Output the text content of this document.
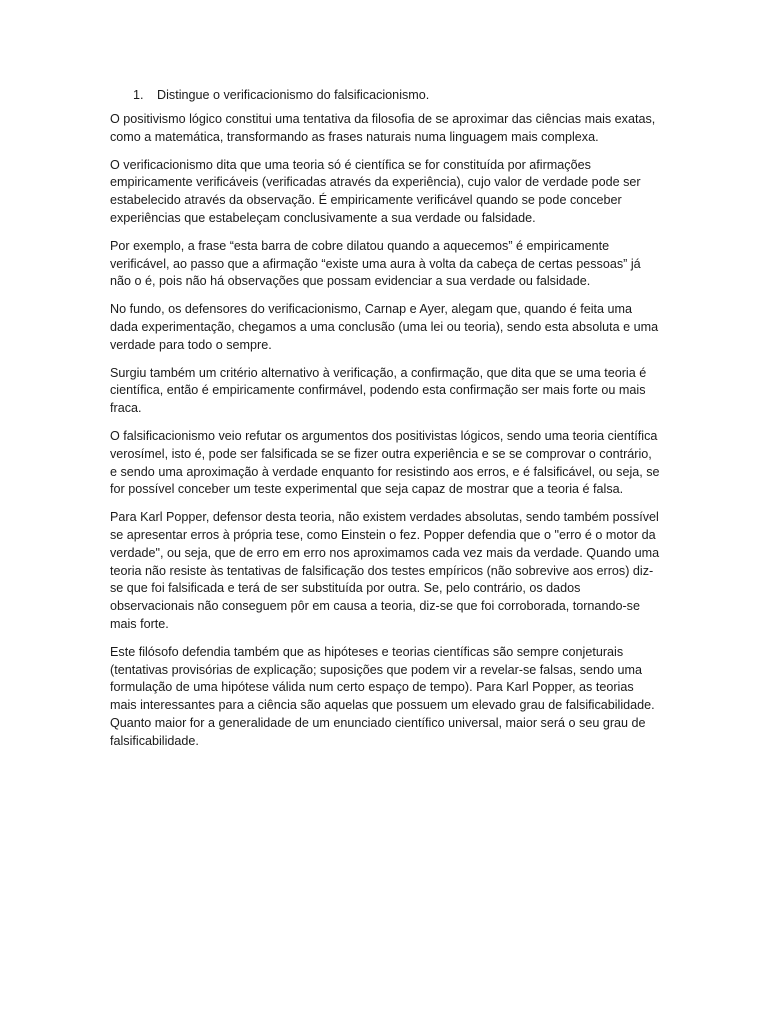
1.	Distingue o verificacionismo do falsificacionismo.

O positivismo lógico constitui uma tentativa da filosofia de se aproximar das ciências mais exatas, como a matemática, transformando as frases naturais numa linguagem mais complexa.

O verificacionismo dita que uma teoria só é científica se for constituída por afirmações empiricamente verificáveis (verificadas através da experiência), cujo valor de verdade pode ser estabelecido através da observação. É empiricamente verificável quando se pode conceber experiências que estabeleçam conclusivamente a sua verdade ou falsidade.

Por exemplo, a frase “esta barra de cobre dilatou quando a aquecemos” é empiricamente verificável, ao passo que a afirmação “existe uma aura à volta da cabeça de certas pessoas” já não o é, pois não há observações que possam evidenciar a sua verdade ou falsidade.

No fundo, os defensores do verificacionismo, Carnap e Ayer, alegam que, quando é feita uma dada experimentação, chegamos a uma conclusão (uma lei ou teoria), sendo esta absoluta e uma verdade para todo o sempre.

Surgiu também um critério alternativo à verificação, a confirmação, que dita que se uma teoria é científica, então é empiricamente confirmável, podendo esta confirmação ser mais forte ou mais fraca.

O falsificacionismo veio refutar os argumentos dos positivistas lógicos, sendo uma teoria científica verosímel, isto é, pode ser falsificada se se fizer outra experiência e se se comprovar o contrário, e sendo uma aproximação à verdade enquanto for resistindo aos erros, e é falsificável, ou seja, se for possível conceber um teste experimental que seja capaz de mostrar que a teoria é falsa.

Para Karl Popper, defensor desta teoria, não existem verdades absolutas, sendo também possível se apresentar erros à própria tese, como Einstein o fez. Popper defendia que o "erro é o motor da verdade", ou seja, que de erro em erro nos aproximamos cada vez mais da verdade. Quando uma teoria não resiste às tentativas de falsificação dos testes empíricos (não sobrevive aos erros) diz-se que foi falsificada e terá de ser substituída por outra. Se, pelo contrário, os dados observacionais não conseguem pôr em causa a teoria, diz-se que foi corroborada, tornando-se mais forte.

Este filósofo defendia também que as hipóteses e teorias científicas são sempre conjeturais (tentativas provisórias de explicação; suposições que podem vir a revelar-se falsas, sendo uma formulação de uma hipótese válida num certo espaço de tempo). Para Karl Popper, as teorias mais interessantes para a ciência são aquelas que possuem um elevado grau de falsificabilidade. Quanto maior for a generalidade de um enunciado científico universal, maior será o seu grau de falsificabilidade.
